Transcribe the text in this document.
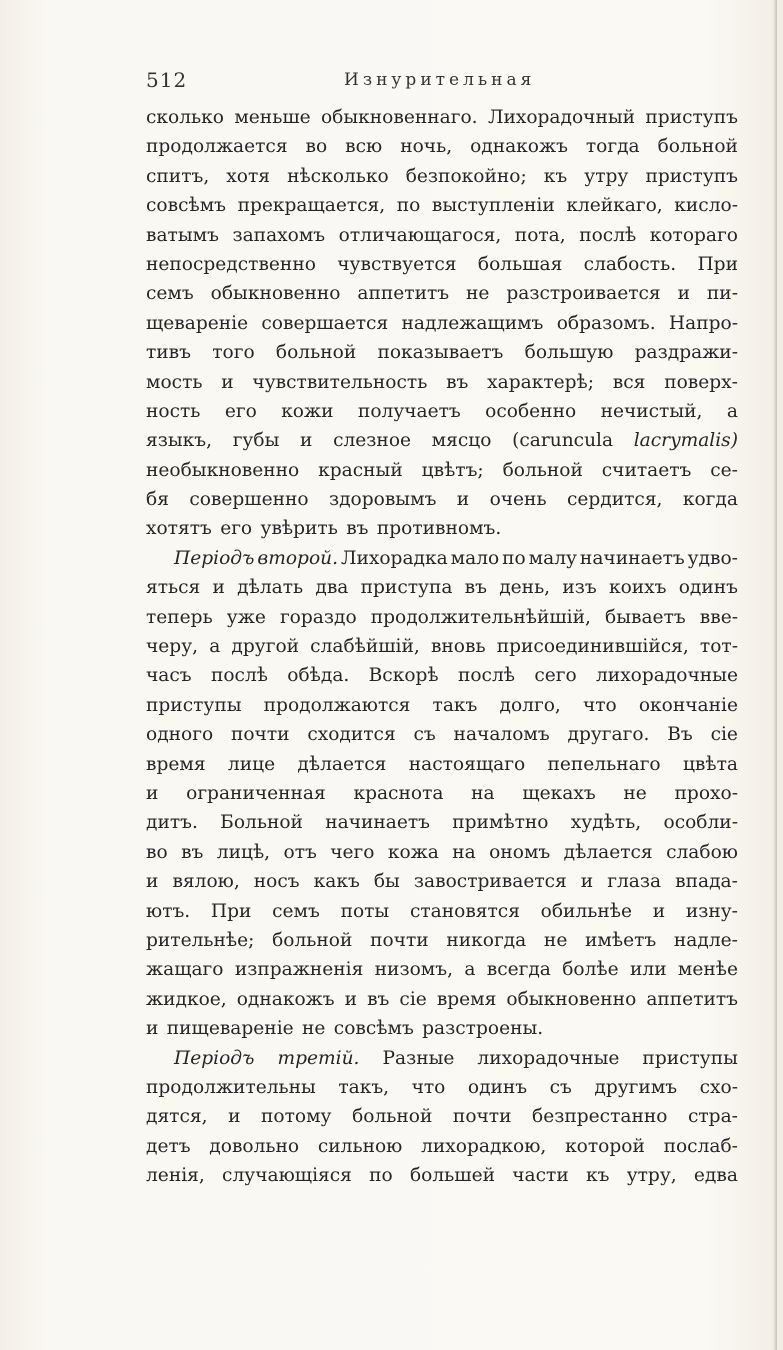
512	Изнурительная
сколько меньше обыкновеннаго. Лихорадочный приступъ
продолжается во всю ночь, однакожъ тогда больной
спитъ, хотя нѣсколько безпокойно; къ утру приступъ
совсѣмъ прекращается, по выступленіи клейкаго, кисло-
ватымъ запахомъ отличающагося, пота, послѣ котораго
непосредственно чувствуется большая слабость. При
семъ обыкновенно аппетитъ не разстроивается и пи-
щевареніе совершается надлежащимъ образомъ. Напро-
тивъ того больной показываетъ большую раздражи-
мость и чувствительность въ характерѣ; вся поверх-
ность его кожи получаетъ особенно нечистый, а
языкъ, губы и слезное мясцо (caruncula lacrymalis)
необыкновенно красный цвѣтъ; больной считаетъ се-
бя совершенно здоровымъ и очень сердится, когда
хотятъ его увѣрить въ противномъ.
Періодъ второй. Лихорадка мало по малу начинаетъ удво-
яться и дѣлать два приступа въ день, изъ коихъ одинъ
теперь уже гораздо продолжительнѣйшій, бываетъ вве-
черу, а другой слабѣйшій, вновь присоединившійся, тот-
часъ послѣ обѣда. Вскорѣ послѣ сего лихорадочные
приступы продолжаются такъ долго, что окончаніе
одного почти сходится съ началомъ другаго. Въ сіе
время лице дѣлается настоящаго пепельнаго цвѣта
и ограниченная краснота на щекахъ не прохо-
дитъ. Больной начинаетъ примѣтно худѣть, особли-
во въ лицѣ, отъ чего кожа на ономъ дѣлается слабою
и вялою, носъ какъ бы завостривается и глаза впада-
ютъ. При семъ поты становятся обильнѣе и изну-
рительнѣе; больной почти никогда не имѣетъ надле-
жащаго изпражненія низомъ, а всегда болѣе или менѣе
жидкое, однакожъ и въ сіе время обыкновенно аппетитъ
и пищевареніе не совсѣмъ разстроены.
Періодъ третій. Разные лихорадочные приступы
продолжительны такъ, что одинъ съ другимъ схо-
дятся, и потому больной почти безпрестанно стра-
детъ довольно сильною лихорадкою, которой послаб-
ленія, случающіяся по большей части къ утру, едва
